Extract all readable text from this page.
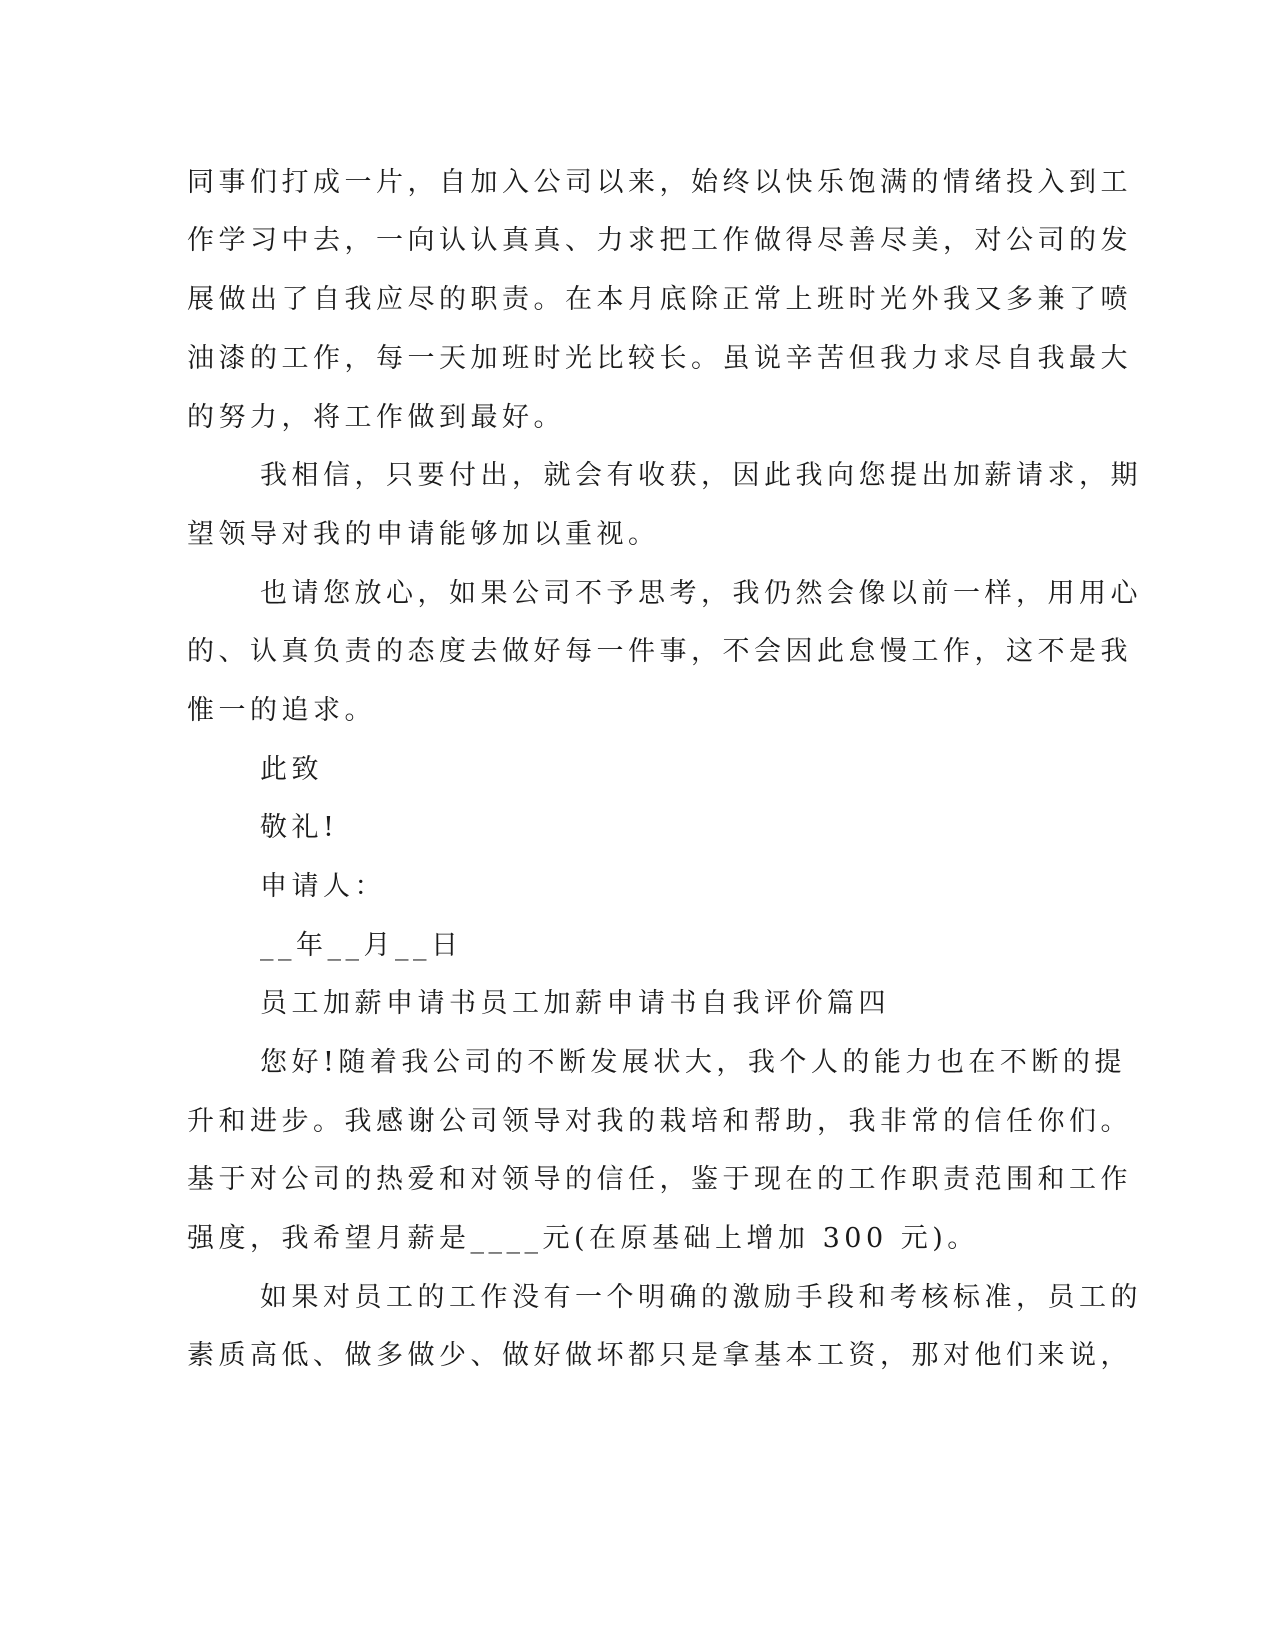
同事们打成一片，自加入公司以来，始终以快乐饱满的情绪投入到工
作学习中去，一向认认真真、力求把工作做得尽善尽美，对公司的发
展做出了自我应尽的职责。在本月底除正常上班时光外我又多兼了喷
油漆的工作，每一天加班时光比较长。虽说辛苦但我力求尽自我最大
的努力，将工作做到最好。
我相信，只要付出，就会有收获，因此我向您提出加薪请求，期
望领导对我的申请能够加以重视。
也请您放心，如果公司不予思考，我仍然会像以前一样，用用心
的、认真负责的态度去做好每一件事，不会因此怠慢工作，这不是我
惟一的追求。
此致
敬礼!
申请人：
__年__月__日
员工加薪申请书员工加薪申请书自我评价篇四
您好!随着我公司的不断发展状大，我个人的能力也在不断的提
升和进步。我感谢公司领导对我的栽培和帮助，我非常的信任你们。
基于对公司的热爱和对领导的信任，鉴于现在的工作职责范围和工作
强度，我希望月薪是____元(在原基础上增加 300 元)。
如果对员工的工作没有一个明确的激励手段和考核标准，员工的
素质高低、做多做少、做好做坏都只是拿基本工资，那对他们来说，
